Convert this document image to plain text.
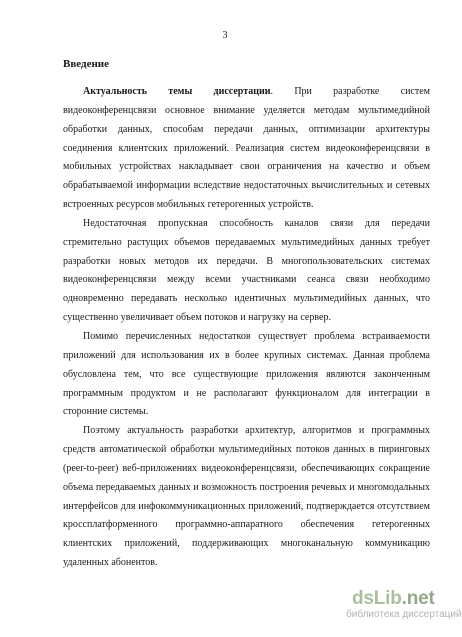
3
Введение

Актуальность темы диссертации. При разработке систем видеоконференцсвязи основное внимание уделяется методам мультимедийной обработки данных, способам передачи данных, оптимизации архитектуры соединения клиентских приложений. Реализация систем видеоконференцсвязи в мобильных устройствах накладывает свои ограничения на качество и объем обрабатываемой информации вследствие недостаточных вычислительных и сетевых встроенных ресурсов мобильных гетерогенных устройств.

Недостаточная пропускная способность каналов связи для передачи стремительно растущих объемов передаваемых мультимедийных данных требует разработки новых методов их передачи. В многопользовательских системах видеоконференцсвязи между всеми участниками сеанса связи необходимо одновременно передавать несколько идентичных мультимедийных данных, что существенно увеличивает объем потоков и нагрузку на сервер.

Помимо перечисленных недостатков существует проблема встраиваемости приложений для использования их в более крупных системах. Данная проблема обусловлена тем, что все существующие приложения являются законченным программным продуктом и не располагают функционалом для интеграции в сторонние системы.

Поэтому актуальность разработки архитектур, алгоритмов и программных средств автоматической обработки мультимедийных потоков данных в пиринговых (peer-to-peer) веб-приложениях видеоконференцсвязи, обеспечивающих сокращение объема передаваемых данных и возможность построения речевых и многомодальных интерфейсов для инфокоммуникационных приложений, подтверждается отсутствием кроссплатформенного программно-аппаратного обеспечения гетерогенных клиентских приложений, поддерживающих многоканальную коммуникацию удаленных абонентов.

dsLib.net
библиотека диссертаций
